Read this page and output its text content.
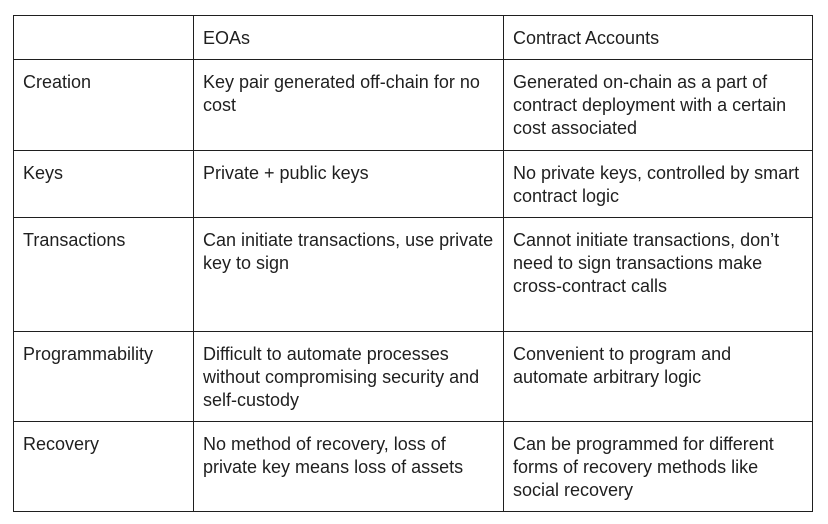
	EOAs	Contract Accounts
Creation	Key pair generated off-chain for no cost	Generated on-chain as a part of contract deployment with a certain cost associated
Keys	Private + public keys	No private keys, controlled by smart contract logic
Transactions	Can initiate transactions, use private key to sign	Cannot initiate transactions, don’t need to sign transactions make cross-contract calls
Programmability	Difficult to automate processes without compromising security and self-custody	Convenient to program and automate arbitrary logic
Recovery	No method of recovery, loss of private key means loss of assets	Can be programmed for different forms of recovery methods like social recovery
